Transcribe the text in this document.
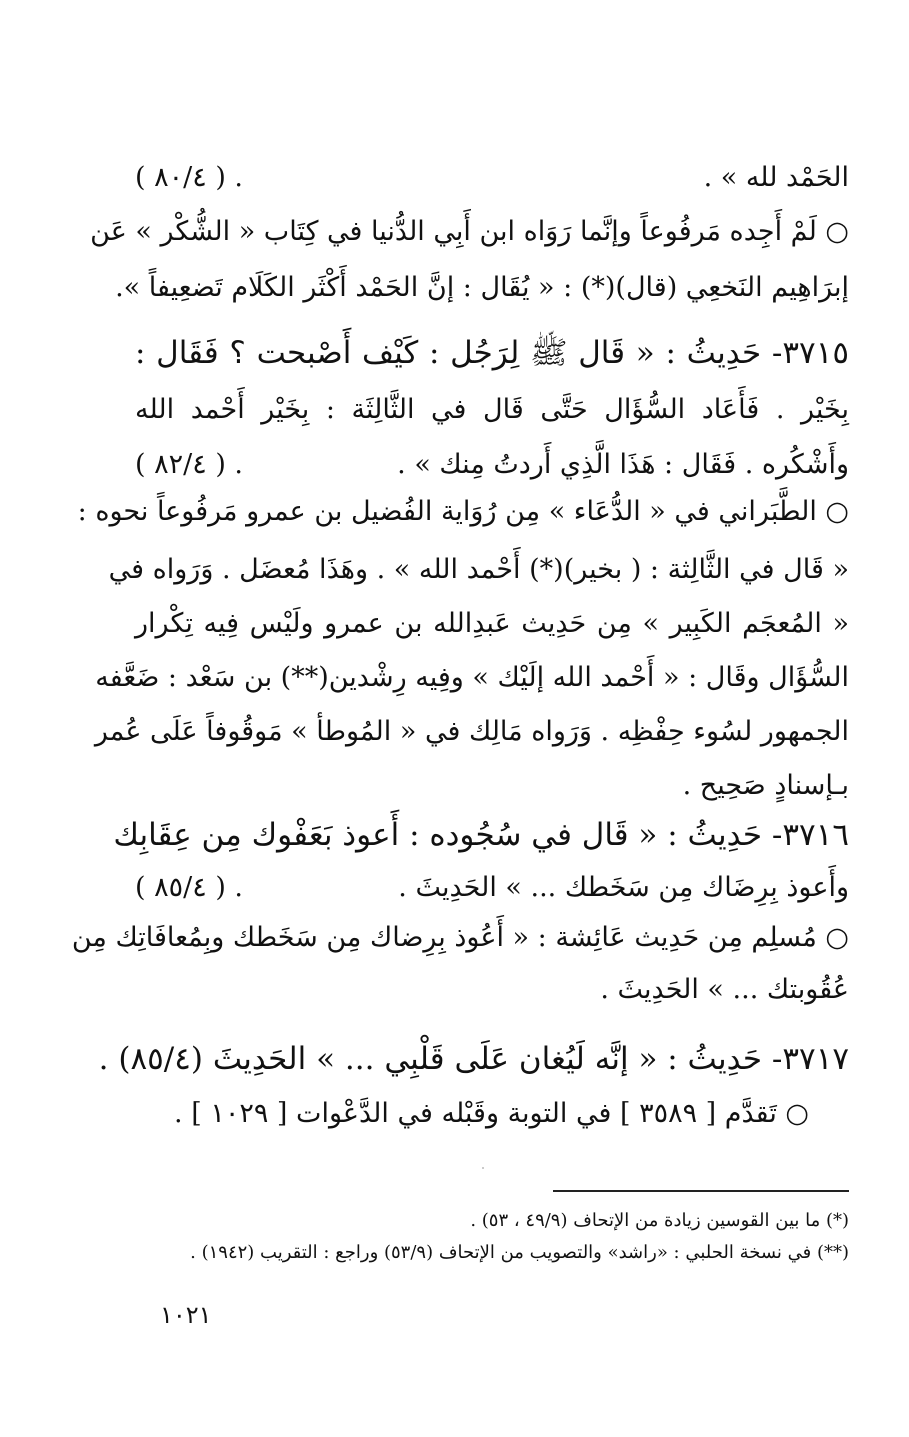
الحَمْد لله » .
. ( ٨٠/٤ )
○ لَمْ أَجِده مَرفُوعاً وإنَّما رَوَاه ابن أَبِي الدُّنيا في كِتَاب « الشُّكْر » عَن
إبرَاهِيم النَخعِي (قال)(*) : « يُقَال : إنَّ الحَمْد أَكْثَر الكَلَام تَضعِيفاً ».
٣٧١٥- حَدِيثُ : « قَال ﷺ لِرَجُل : كَيْف أَصْبحت ؟ فَقَال :
بِخَيْر . فَأَعَاد السُّؤَال حَتَّى قَال في الثَّالِثَة : بِخَيْر أَحْمد الله
وأَشْكُره . فَقَال : هَذَا الَّذِي أَردتُ مِنك » .
. ( ٨٢/٤ )
○ الطَّبَراني في « الدُّعَاء » مِن رُوَاية الفُضيل بن عمرو مَرفُوعاً نحوه :
« قَال في الثَّالِثة : ( بخير)(*) أَحْمد الله » . وهَذَا مُعضَل . وَرَواه في
« المُعجَم الكَبِير » مِن حَدِيث عَبدِالله بن عمرو ولَيْس فِيه تِكْرار
السُّؤَال وقَال : « أَحْمد الله إلَيْك » وفِيه رِشْدين(**) بن سَعْد : ضَعَّفه
الجمهور لسُوء حِفْظِه . وَرَواه مَالِك في « المُوطأ » مَوقُوفاً عَلَى عُمر
بـإسنادٍ صَحِيح .
٣٧١٦- حَدِيثُ : « قَال في سُجُوده : أَعوذ بَعَفْوك مِن عِقَابِك
وأَعوذ بِرِضَاك مِن سَخَطك ... » الحَدِيثَ .
. ( ٨٥/٤ )
○ مُسلِم مِن حَدِيث عَائِشة : « أَعُوذ بِرِضاك مِن سَخَطك وبِمُعافَاتِك مِن
عُقُوبتك ... » الحَدِيثَ .
٣٧١٧- حَدِيثُ : « إنَّه لَيُغان عَلَى قَلْبِي ... » الحَدِيثَ (٨٥/٤) .
○ تَقدَّم [ ٣٥٨٩ ] في التوبة وقَبْله في الدَّعْوات [ ١٠٢٩ ] .
(*) ما بين القوسين زيادة من الإتحاف (٤٩/٩ ، ٥٣) .
(**) في نسخة الحلبي : «راشد» والتصويب من الإتحاف (٥٣/٩) وراجع : التقريب (١٩٤٢) .
١٠٢١
